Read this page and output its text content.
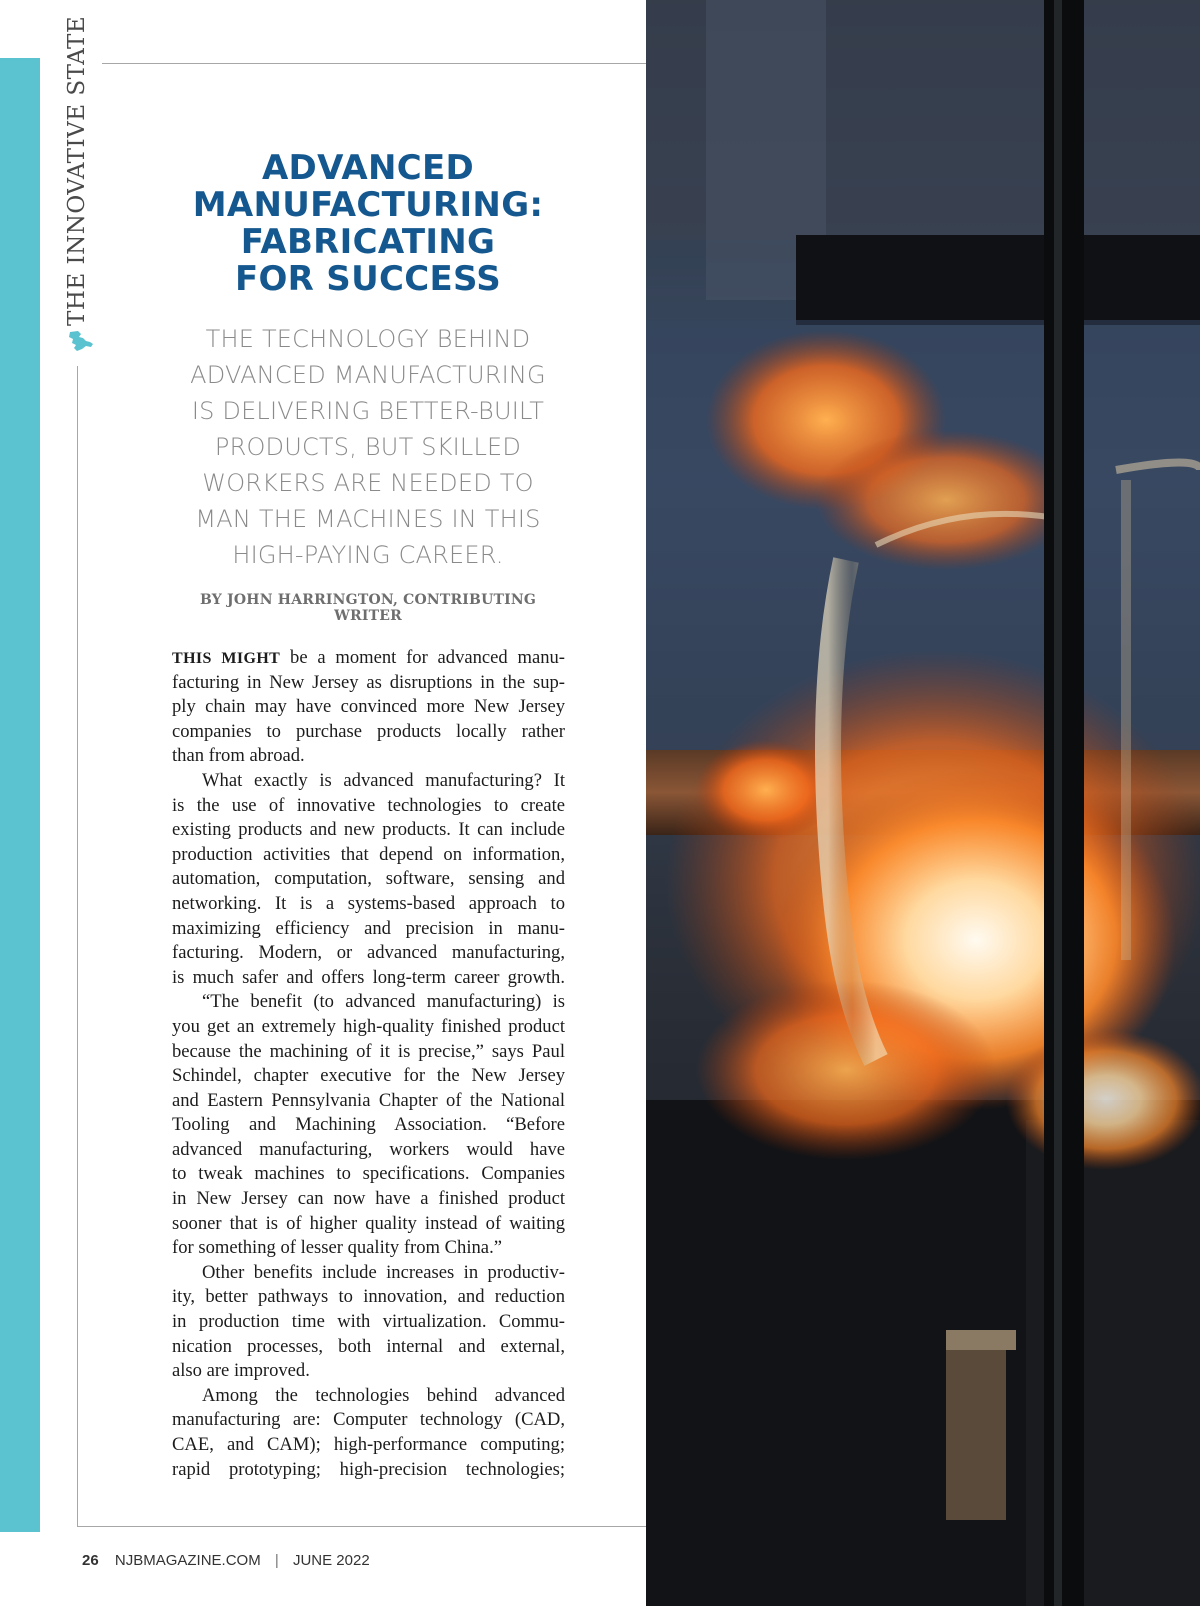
THE INNOVATIVE STATE	ADVANCED
MANUFACTURING:
FABRICATING
FOR SUCCESS

THE TECHNOLOGY BEHIND
ADVANCED MANUFACTURING
IS DELIVERING BETTER-BUILT
PRODUCTS, BUT SKILLED
WORKERS ARE NEEDED TO
MAN THE MACHINES IN THIS
HIGH-PAYING CAREER.

BY JOHN HARRINGTON, CONTRIBUTING WRITER
THIS MIGHT be a moment for advanced manu-
facturing in New Jersey as disruptions in the sup-
ply chain may have convinced more New Jersey
companies to purchase products locally rather
than from abroad.
What exactly is advanced manufacturing? It
is the use of innovative technologies to create
existing products and new products. It can include
production activities that depend on information,
automation, computation, software, sensing and
networking. It is a systems-based approach to
maximizing efficiency and precision in manu-
facturing. Modern, or advanced manufacturing,
is much safer and offers long-term career growth.
“The benefit (to advanced manufacturing) is
you get an extremely high-quality finished product
because the machining of it is precise,” says Paul
Schindel, chapter executive for the New Jersey
and Eastern Pennsylvania Chapter of the National
Tooling and Machining Association. “Before
advanced manufacturing, workers would have
to tweak machines to specifications. Companies
in New Jersey can now have a finished product
sooner that is of higher quality instead of waiting
for something of lesser quality from China.”
Other benefits include increases in productiv-
ity, better pathways to innovation, and reduction
in production time with virtualization. Commu-
nication processes, both internal and external,
also are improved.
Among the technologies behind advanced
manufacturing are: Computer technology (CAD,
CAE, and CAM); high-performance computing;
rapid prototyping; high-precision technologies;
26 NJBMAGAZINE.COM | JUNE 2022
